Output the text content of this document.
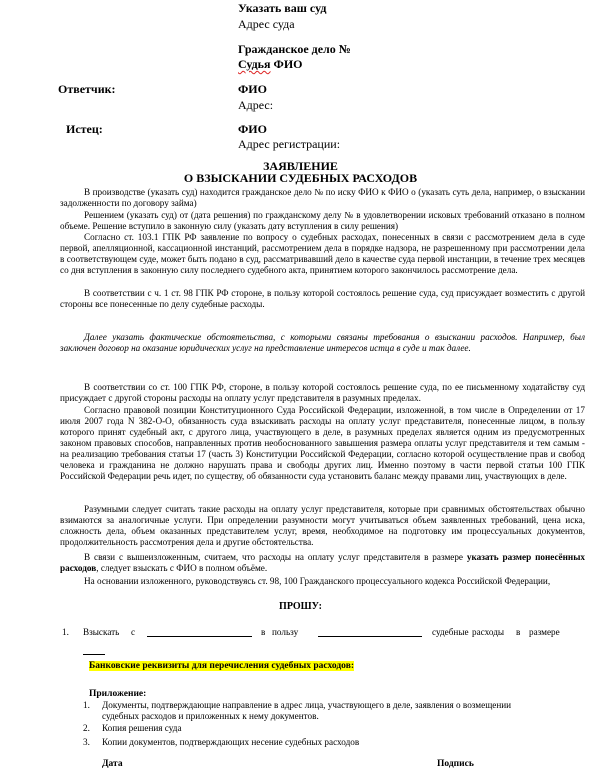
Указать ваш суд
Адрес суда
Гражданское дело №
Судья ФИО
Ответчик:	ФИО
Адрес:
Истец:	ФИО
Адрес регистрации:
ЗАЯВЛЕНИЕ
О ВЗЫСКАНИИ СУДЕБНЫХ РАСХОДОВ
В производстве (указать суд) находится гражданское дело № по иску ФИО к ФИО о (указать суть дела, например, о взыскании задолженности по договору займа)
Решением (указать суд) от (дата решения) по гражданскому делу № в удовлетворении исковых требований отказано в полном объеме. Решение вступило в законную силу (указать дату вступления в силу решения)
Согласно ст. 103.1 ГПК РФ заявление по вопросу о судебных расходах, понесенных в связи с рассмотрением дела в суде первой, апелляционной, кассационной инстанций, рассмотрением дела в порядке надзора, не разрешенному при рассмотрении дела в соответствующем суде, может быть подано в суд, рассматривавший дело в качестве суда первой инстанции, в течение трех месяцев со дня вступления в законную силу последнего судебного акта, принятием которого закончилось рассмотрение дела.
В соответствии с ч. 1 ст. 98 ГПК РФ стороне, в пользу которой состоялось решение суда, суд присуждает возместить с другой стороны все понесенные по делу судебные расходы.
Далее указать фактические обстоятельства, с которыми связаны требования о взыскании расходов. Например, был заключен договор на оказание юридических услуг на представление интересов истца в суде и так далее.
В соответствии со ст. 100 ГПК РФ, стороне, в пользу которой состоялось решение суда, по ее письменному ходатайству суд присуждает с другой стороны расходы на оплату услуг представителя в разумных пределах.
Согласно правовой позиции Конституционного Суда Российской Федерации, изложенной, в том числе в Определении от 17 июля 2007 года N 382-О-О, обязанность суда взыскивать расходы на оплату услуг представителя, понесенные лицом, в пользу которого принят судебный акт, с другого лица, участвующего в деле, в разумных пределах является одним из предусмотренных законом правовых способов, направленных против необоснованного завышения размера оплаты услуг представителя и тем самым - на реализацию требования статьи 17 (часть 3) Конституции Российской Федерации, согласно которой осуществление прав и свобод человека и гражданина не должно нарушать права и свободы других лиц. Именно поэтому в части первой статьи 100 ГПК Российской Федерации речь идет, по существу, об обязанности суда установить баланс между правами лиц, участвующих в деле.
Разумными следует считать такие расходы на оплату услуг представителя, которые при сравнимых обстоятельствах обычно взимаются за аналогичные услуги. При определении разумности могут учитываться объем заявленных требований, цена иска, сложность дела, объем оказанных представителем услуг, время, необходимое на подготовку им процессуальных документов, продолжительность рассмотрения дела и другие обстоятельства.
В связи с вышеизложенным, считаем, что расходы на оплату услуг представителя в размере указать размер понесённых расходов, следует взыскать с ФИО в полном объёме.
На основании изложенного, руководствуясь ст. 98, 100 Гражданского процессуального кодекса Российской Федерации,
ПРОШУ:
1. Взыскать с	в пользу	судебные расходы в размере
Банковские реквизиты для перечисления судебных расходов:
Приложение:
1. Документы, подтверждающие направление в адрес лица, участвующего в деле, заявления о возмещении
судебных расходов и приложенных к нему документов.
2. Копия решения суда
3. Копии документов, подтверждающих несение судебных расходов
Дата	Подпись
